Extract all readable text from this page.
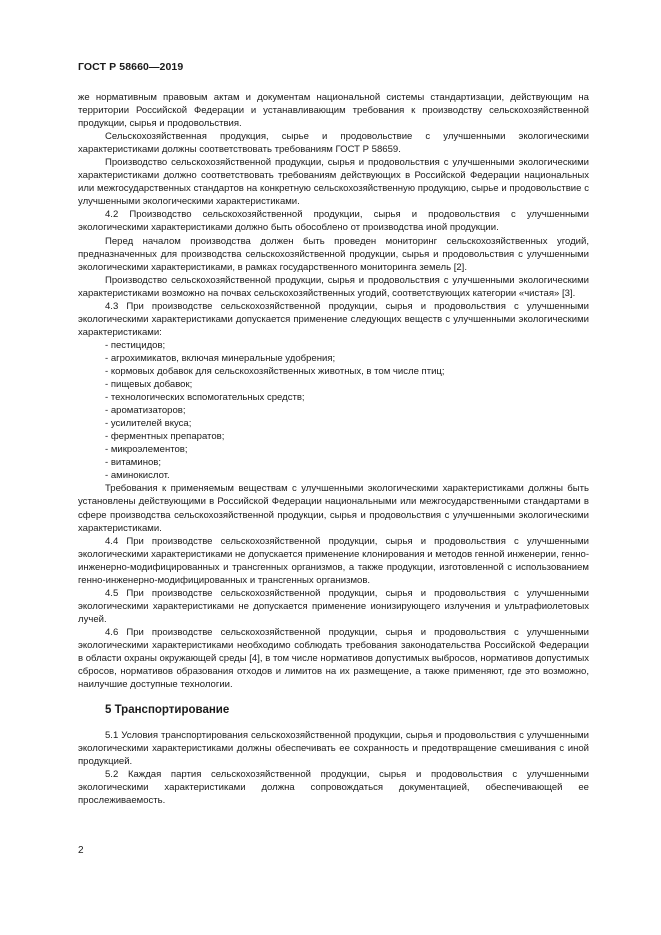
ГОСТ Р 58660—2019

же нормативным правовым актам и документам национальной системы стандартизации, действующим на территории Российской Федерации и устанавливающим требования к производству сельскохозяйственной продукции, сырья и продовольствия.

Сельскохозяйственная продукция, сырье и продовольствие с улучшенными экологическими характеристиками должны соответствовать требованиям ГОСТ Р 58659.

Производство сельскохозяйственной продукции, сырья и продовольствия с улучшенными экологическими характеристиками должно соответствовать требованиям действующих в Российской Федерации национальных или межгосударственных стандартов на конкретную сельскохозяйственную продукцию, сырье и продовольствие с улучшенными экологическими характеристиками.

4.2 Производство сельскохозяйственной продукции, сырья и продовольствия с улучшенными экологическими характеристиками должно быть обособлено от производства иной продукции.

Перед началом производства должен быть проведен мониторинг сельскохозяйственных угодий, предназначенных для производства сельскохозяйственной продукции, сырья и продовольствия с улучшенными экологическими характеристиками, в рамках государственного мониторинга земель [2].

Производство сельскохозяйственной продукции, сырья и продовольствия с улучшенными экологическими характеристиками возможно на почвах сельскохозяйственных угодий, соответствующих категории «чистая» [3].

4.3 При производстве сельскохозяйственной продукции, сырья и продовольствия с улучшенными экологическими характеристиками допускается применение следующих веществ с улучшенными экологическими характеристиками:

- пестицидов;

- агрохимикатов, включая минеральные удобрения;

- кормовых добавок для сельскохозяйственных животных, в том числе птиц;

- пищевых добавок;

- технологических вспомогательных средств;

- ароматизаторов;

- усилителей вкуса;

- ферментных препаратов;

- микроэлементов;

- витаминов;

- аминокислот.

Требования к применяемым веществам с улучшенными экологическими характеристиками должны быть установлены действующими в Российской Федерации национальными или межгосударственными стандартами в сфере производства сельскохозяйственной продукции, сырья и продовольствия с улучшенными экологическими характеристиками.

4.4 При производстве сельскохозяйственной продукции, сырья и продовольствия с улучшенными экологическими характеристиками не допускается применение клонирования и методов генной инженерии, генно-инженерно-модифицированных и трансгенных организмов, а также продукции, изготовленной с использованием генно-инженерно-модифицированных и трансгенных организмов.

4.5 При производстве сельскохозяйственной продукции, сырья и продовольствия с улучшенными экологическими характеристиками не допускается применение ионизирующего излучения и ультрафиолетовых лучей.

4.6 При производстве сельскохозяйственной продукции, сырья и продовольствия с улучшенными экологическими характеристиками необходимо соблюдать требования законодательства Российской Федерации в области охраны окружающей среды [4], в том числе нормативов допустимых выбросов, нормативов допустимых сбросов, нормативов образования отходов и лимитов на их размещение, а также применяют, где это возможно, наилучшие доступные технологии.

5 Транспортирование

5.1 Условия транспортирования сельскохозяйственной продукции, сырья и продовольствия с улучшенными экологическими характеристиками должны обеспечивать ее сохранность и предотвращение смешивания с иной продукцией.

5.2 Каждая партия сельскохозяйственной продукции, сырья и продовольствия с улучшенными экологическими характеристиками должна сопровождаться документацией, обеспечивающей ее прослеживаемость.

2
